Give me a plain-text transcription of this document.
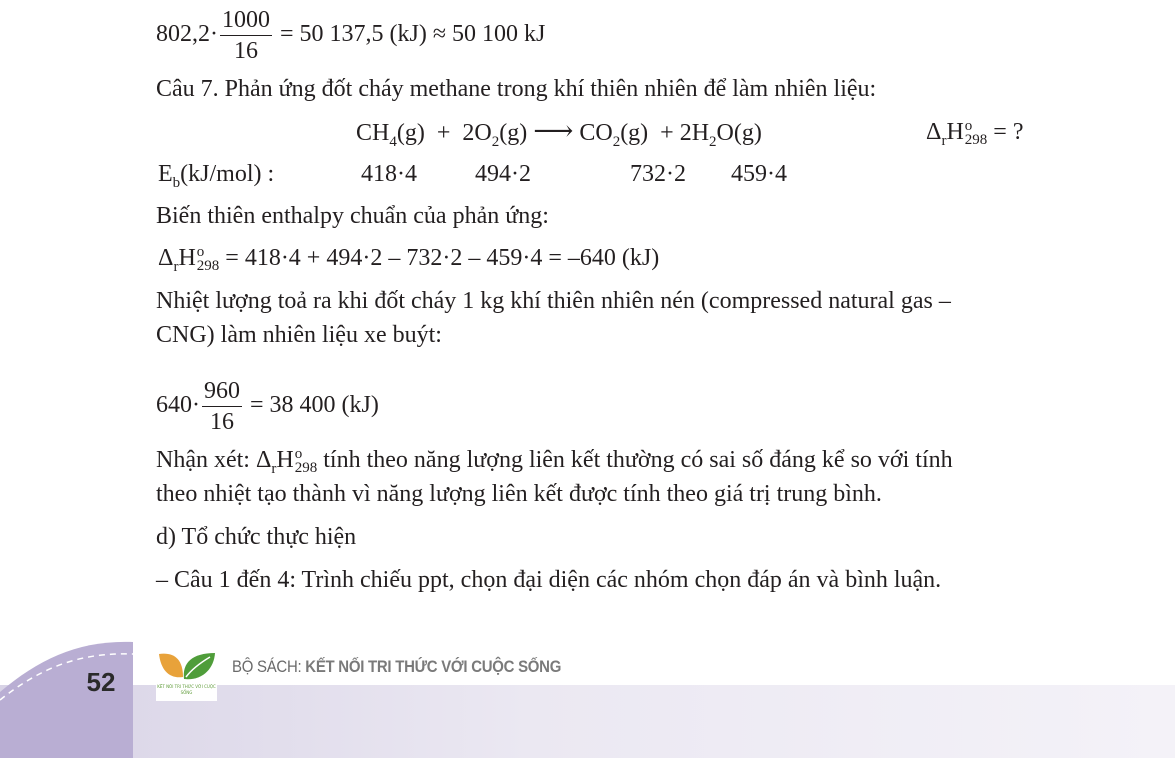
$802,2\cdot \frac{1000}{16} = 50$ 137,5 (kJ) ≈ 50 100 kJ
Câu 7. Phản ứng đốt cháy methane trong khí thiên nhiên để làm nhiên liệu:
$CH_4(g) + 2O_2(g)$ ⟶ $CO_2(g) + 2H_2O(g)$	$\Delta_rH$ o
298 = ?
$E_b(kJ/mol)$ :	418·4 494·2	732·2 459·4
Biến thiên enthalpy chuẩn của phản ứng:
$\Delta_rH$ o
298 = 418·4 + 494·2 – 732·2 – 459·4 = –640 (kJ)
Nhiệt lượng toả ra khi đốt cháy 1 kg khí thiên nhiên nén (compressed natural gas –
CNG) làm nhiên liệu xe buýt:
$640\cdot \frac{960}{16} = 38$ 400 (kJ)
Nhận xét: $\Delta_rH$ o
298 tính theo năng lượng liên kết thường có sai số đáng kể so với tính
theo nhiệt tạo thành vì năng lượng liên kết được tính theo giá trị trung bình.
d) Tổ chức thực hiện
– Câu 1 đến 4: Trình chiếu ppt, chọn đại diện các nhóm chọn đáp án và bình luận.
52	KẾT NỐI TRI THỨC VỚI CUỘC SỐNG
BỘ SÁCH: KẾT NỐI TRI THỨC VỚI CUỘC SỐNG
